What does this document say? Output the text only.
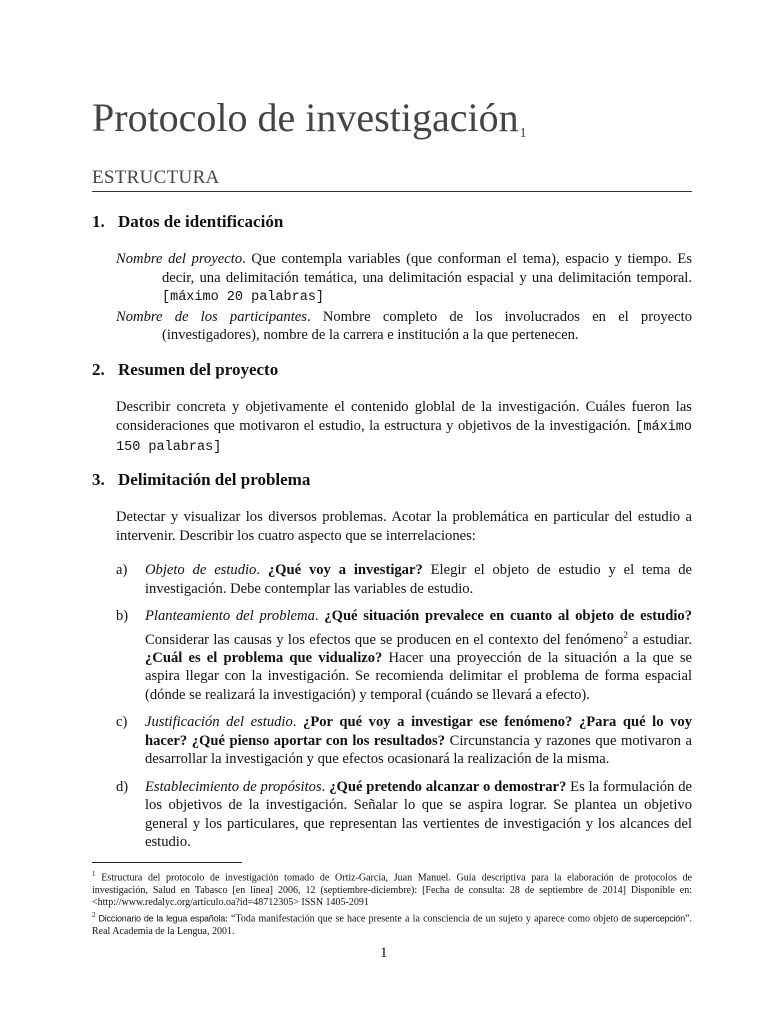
Protocolo de investigación$^1$
ESTRUCTURA
1. Datos de identificación

Nombre del proyecto. Que contempla variables (que conforman el tema), espacio y tiempo. Es decir, una delimitación temática, una delimitación espacial y una delimitación temporal. [máximo 20 palabras]

Nombre de los participantes. Nombre completo de los involucrados en el proyecto (investigadores), nombre de la carrera e institución a la que pertenecen.

2. Resumen del proyecto

Describir concreta y objetivamente el contenido globlal de la investigación. Cuáles fueron las consideraciones que motivaron el estudio, la estructura y objetivos de la investigación. [máximo 150 palabras]

3. Delimitación del problema

Detectar y visualizar los diversos problemas. Acotar la problemática en particular del estudio a intervenir. Describir los cuatro aspecto que se interrelaciones:

a) Objeto de estudio. ¿Qué voy a investigar? Elegir el objeto de estudio y el tema de investigación. Debe contemplar las variables de estudio.
b) Planteamiento del problema. ¿Qué situación prevalece en cuanto al objeto de estudio? Considerar las causas y los efectos que se producen en el contexto del fenómeno$^2$ a estudiar. ¿Cuál es el problema que vidualizo? Hacer una proyección de la situación a la que se aspira llegar con la investigación. Se recomienda delimitar el problema de forma espacial (dónde se realizará la investigación) y temporal (cuándo se llevará a efecto).
c) Justificación del estudio. ¿Por qué voy a investigar ese fenómeno? ¿Para qué lo voy hacer? ¿Qué pienso aportar con los resultados? Circunstancia y razones que motivaron a desarrollar la investigación y que efectos ocasionará la realización de la misma.
d) Establecimiento de propósitos. ¿Qué pretendo alcanzar o demostrar? Es la formulación de los objetivos de la investigación. Señalar lo que se aspira lograr. Se plantea un objetivo general y los particulares, que representan las vertientes de investigación y los alcances del estudio.
$^1$ Estructura del protocolo de investigación tomado de Ortiz-García, Juan Manuel. Guía descriptiva para la elaboración de protocolos de investigación, Salud en Tabasco [en línea] 2006, 12 (septiembre-diciembre): [Fecha de consulta: 28 de septiembre de 2014] Disponible en:<http://www.redalyc.org/articulo.oa?id=48712305> ISSN 1405-2091
$^2$ Diccionario de la legua española: “Toda manifestación que se hace presente a la consciencia de un sujeto y aparece como objeto de supercepción”. Real Academia de la Lengua, 2001.
1
